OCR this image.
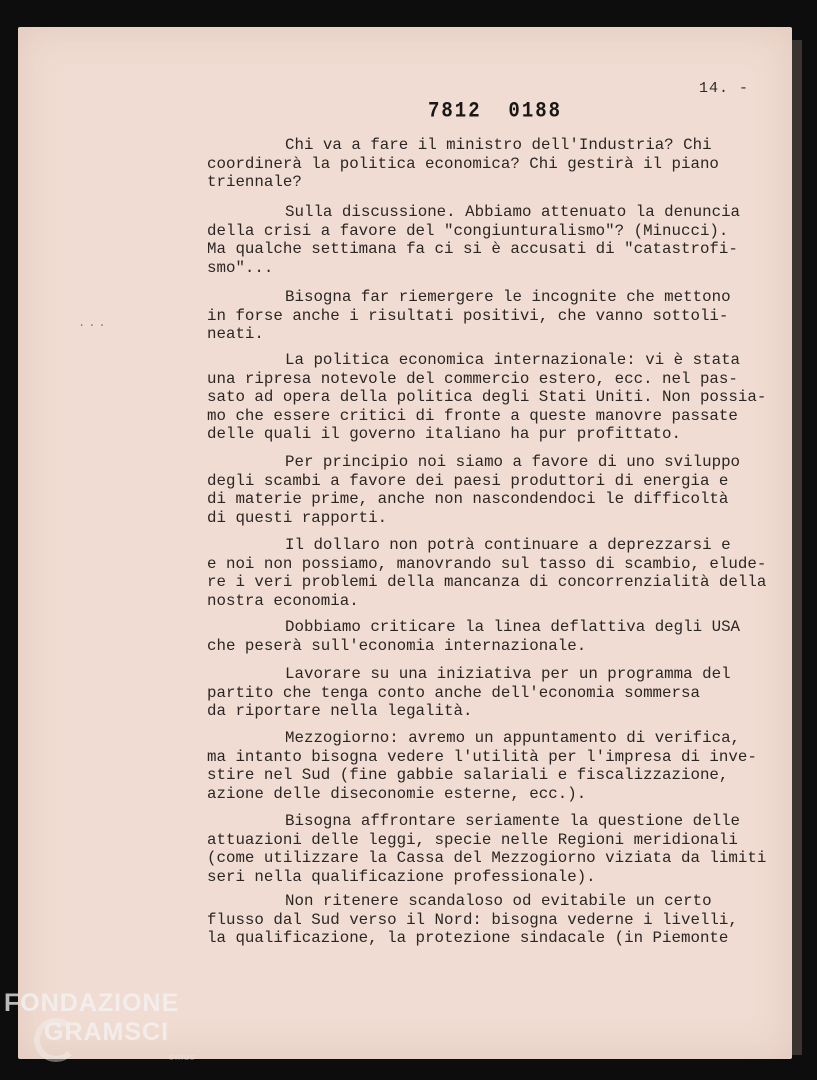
14. -
7812  0188
...
Chi va a fare il ministro dell'Industria? Chi
coordinerà la politica economica? Chi gestirà il piano
triennale?
Sulla discussione. Abbiamo attenuato la denuncia
della crisi a favore del "congiunturalismo"? (Minucci).
Ma qualche settimana fa ci si è accusati di "catastrofi-
smo"...
Bisogna far riemergere le incognite che mettono
in forse anche i risultati positivi, che vanno sottoli-
neati.
La politica economica internazionale: vi è stata
una ripresa notevole del commercio estero, ecc. nel pas-
sato ad opera della politica degli Stati Uniti. Non possia-
mo che essere critici di fronte a queste manovre passate
delle quali il governo italiano ha pur profittato.
Per principio noi siamo a favore di uno sviluppo
degli scambi a favore dei paesi produttori di energia e
di materie prime, anche non nascondendoci le difficoltà
di questi rapporti.
Il dollaro non potrà continuare a deprezzarsi e
e noi non possiamo, manovrando sul tasso di scambio, elude-
re i veri problemi della mancanza di concorrenzialità della
nostra economia.
Dobbiamo criticare la linea deflattiva degli USA
che peserà sull'economia internazionale.
Lavorare su una iniziativa per un programma del
partito che tenga conto anche dell'economia sommersa
da riportare nella legalità.
Mezzogiorno: avremo un appuntamento di verifica,
ma intanto bisogna vedere l'utilità per l'impresa di inve-
stire nel Sud (fine gabbie salariali e fiscalizzazione,
azione delle diseconomie esterne, ecc.).
Bisogna affrontare seriamente la questione delle
attuazioni delle leggi, specie nelle Regioni meridionali
(come utilizzare la Cassa del Mezzogiorno viziata da limiti
seri nella qualificazione professionale).
Non ritenere scandaloso od evitabile un certo
flusso dal Sud verso il Nord: bisogna vederne i livelli,
la qualificazione, la protezione sindacale (in Piemonte
FONDAZIONE
GRAMSCI
onlus
